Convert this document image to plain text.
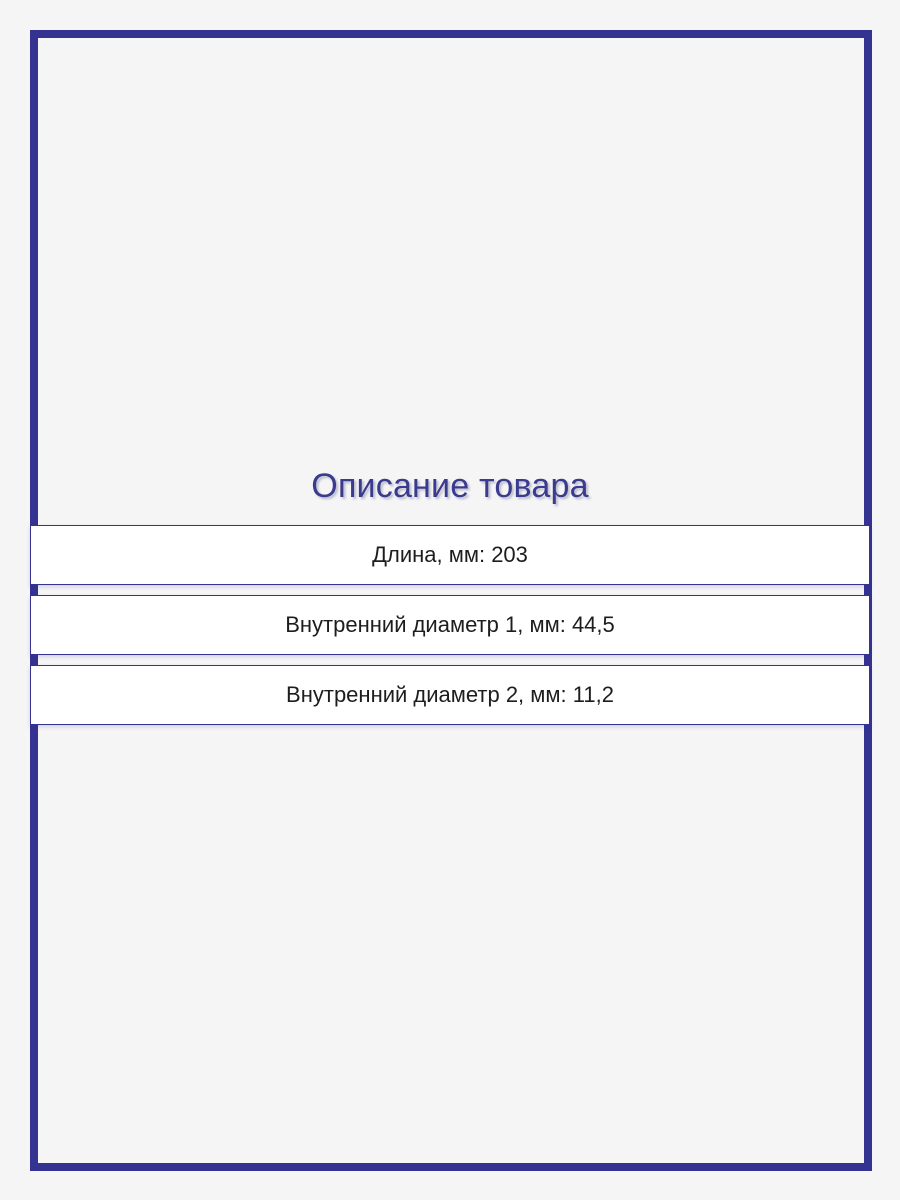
Описание товара
Длина, мм: 203
Внутренний диаметр 1, мм: 44,5
Внутренний диаметр 2, мм: 11,2
